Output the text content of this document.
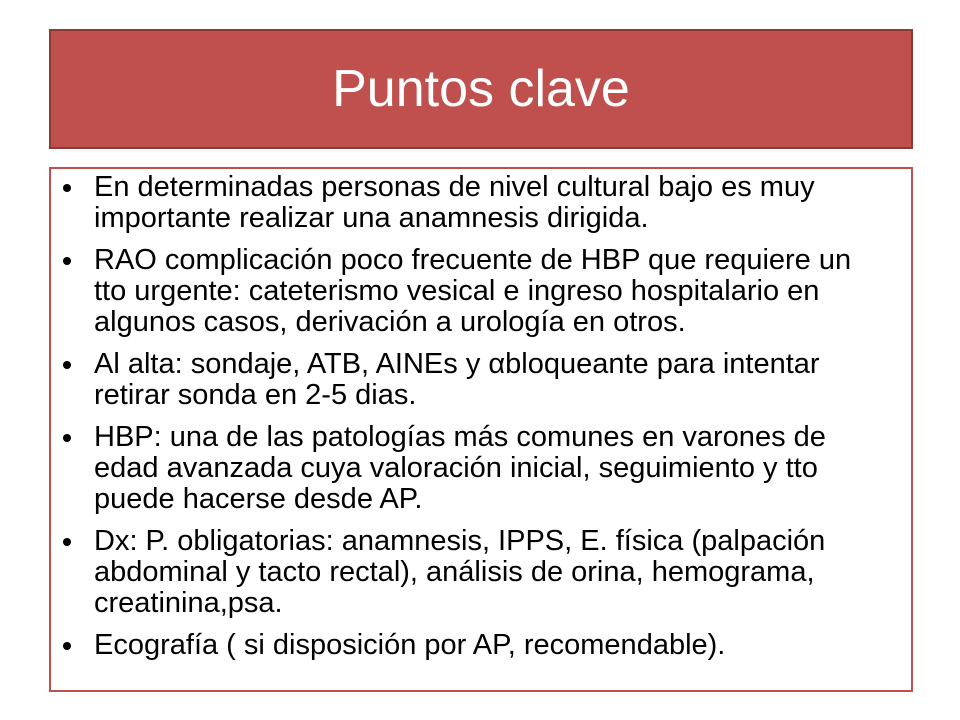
Puntos clave
En determinadas personas de nivel cultural bajo es muy importante realizar una anamnesis dirigida.
RAO complicación poco frecuente de HBP que requiere un tto urgente: cateterismo vesical e ingreso hospitalario en algunos casos, derivación a urología en otros.
Al alta: sondaje, ATB, AINEs y αbloqueante para intentar retirar sonda en 2-5 dias.
HBP: una de las patologías más comunes en varones de edad avanzada cuya valoración inicial, seguimiento y tto puede hacerse desde AP.
Dx: P. obligatorias: anamnesis, IPPS, E. física (palpación abdominal y tacto rectal), análisis de orina, hemograma, creatinina,psa.
Ecografía ( si disposición por AP, recomendable).
